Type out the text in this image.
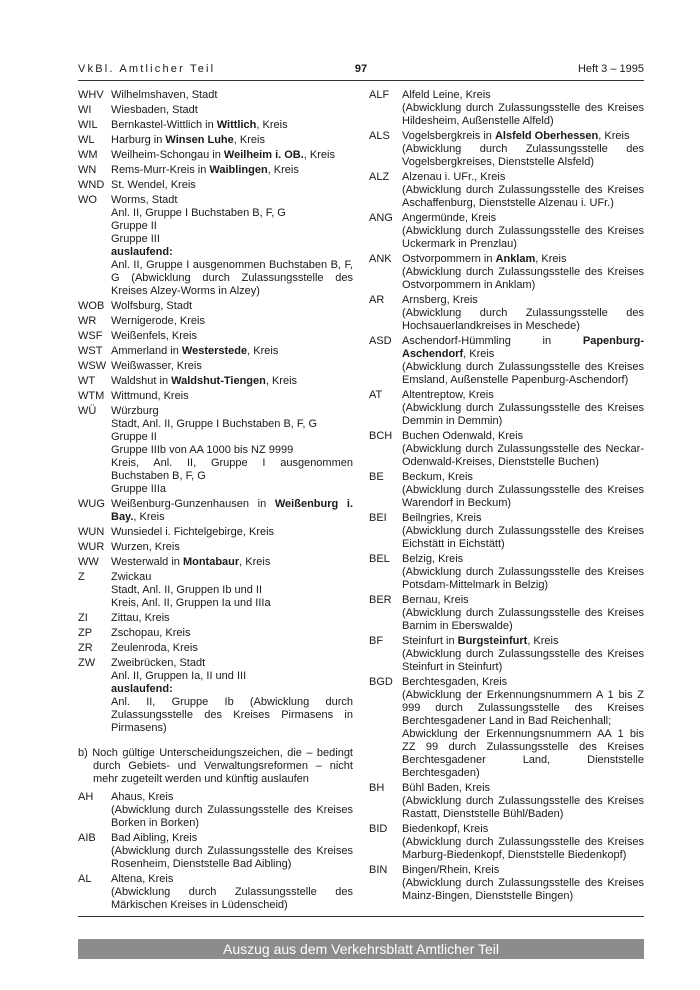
VkBl. Amtlicher Teil	97	Heft 3 – 1995
WHV Wilhelmshaven, Stadt
WI Wiesbaden, Stadt
WIL Bernkastel-Wittlich in Wittlich, Kreis
WL Harburg in Winsen Luhe, Kreis
WM Weilheim-Schongau in Weilheim i. OB., Kreis
WN Rems-Murr-Kreis in Waiblingen, Kreis
WND St. Wendel, Kreis
WO Worms, Stadt
Anl. II, Gruppe I Buchstaben B, F, G
Gruppe II
Gruppe III
auslaufend:
Anl. II, Gruppe I ausgenommen Buchstaben B, F, G (Abwicklung durch Zulassungsstelle des Kreises Alzey-Worms in Alzey)
WOB Wolfsburg, Stadt
WR Wernigerode, Kreis
WSF Weißenfels, Kreis
WST Ammerland in Westerstede, Kreis
WSW Weißwasser, Kreis
WT Waldshut in Waldshut-Tiengen, Kreis
WTM Wittmund, Kreis
WÜ Würzburg
Stadt, Anl. II, Gruppe I Buchstaben B, F, G
Gruppe II
Gruppe IIIb von AA 1000 bis NZ 9999
Kreis, Anl. II, Gruppe I ausgenommen Buchstaben B, F, G
Gruppe IIIa
WUG Weißenburg-Gunzenhausen in Weißenburg i. Bay., Kreis
WUN Wunsiedel i. Fichtelgebirge, Kreis
WUR Wurzen, Kreis
WW Westerwald in Montabaur, Kreis
Z Zwickau
Stadt, Anl. II, Gruppen Ib und II
Kreis, Anl. II, Gruppen Ia und IIIa
ZI Zittau, Kreis
ZP Zschopau, Kreis
ZR Zeulenroda, Kreis
ZW Zweibrücken, Stadt
Anl. II, Gruppen Ia, II und III
auslaufend:
Anl. II, Gruppe Ib (Abwicklung durch Zulassungsstelle des Kreises Pirmasens in Pirmasens)
b) Noch gültige Unterscheidungszeichen, die – bedingt durch Gebiets- und Verwaltungsreformen – nicht mehr zugeteilt werden und künftig auslaufen
AH Ahaus, Kreis
(Abwicklung durch Zulassungsstelle des Kreises Borken in Borken)
AIB Bad Aibling, Kreis
(Abwicklung durch Zulassungsstelle des Kreises Rosenheim, Dienststelle Bad Aibling)
AL Altena, Kreis
(Abwicklung durch Zulassungsstelle des Märkischen Kreises in Lüdenscheid)
ALF Alfeld Leine, Kreis
(Abwicklung durch Zulassungsstelle des Kreises Hildesheim, Außenstelle Alfeld)
ALS Vogelsbergkreis in Alsfeld Oberhessen, Kreis
(Abwicklung durch Zulassungsstelle des Vogelsbergkreises, Dienststelle Alsfeld)
ALZ Alzenau i. UFr., Kreis
(Abwicklung durch Zulassungsstelle des Kreises Aschaffenburg, Dienststelle Alzenau i. UFr.)
ANG Angermünde, Kreis
(Abwicklung durch Zulassungsstelle des Kreises Uckermark in Prenzlau)
ANK Ostvorpommern in Anklam, Kreis
(Abwicklung durch Zulassungsstelle des Kreises Ostvorpommern in Anklam)
AR Arnsberg, Kreis
(Abwicklung durch Zulassungsstelle des Hochsauerlandkreises in Meschede)
ASD Aschendorf-Hümmling in Papenburg-Aschendorf, Kreis
(Abwicklung durch Zulassungsstelle des Kreises Emsland, Außenstelle Papenburg-Aschendorf)
AT Altentreptow, Kreis
(Abwicklung durch Zulassungsstelle des Kreises Demmin in Demmin)
BCH Buchen Odenwald, Kreis
(Abwicklung durch Zulassungsstelle des Neckar-Odenwald-Kreises, Dienststelle Buchen)
BE Beckum, Kreis
(Abwicklung durch Zulassungsstelle des Kreises Warendorf in Beckum)
BEI Beilngries, Kreis
(Abwicklung durch Zulassungsstelle des Kreises Eichstätt in Eichstätt)
BEL Belzig, Kreis
(Abwicklung durch Zulassungsstelle des Kreises Potsdam-Mittelmark in Belzig)
BER Bernau, Kreis
(Abwicklung durch Zulassungsstelle des Kreises Barnim in Eberswalde)
BF Steinfurt in Burgsteinfurt, Kreis
(Abwicklung durch Zulassungsstelle des Kreises Steinfurt in Steinfurt)
BGD Berchtesgaden, Kreis
(Abwicklung der Erkennungsnummern A 1 bis Z 999 durch Zulassungsstelle des Kreises Berchtesgadener Land in Bad Reichenhall;
Abwicklung der Erkennungsnummern AA 1 bis ZZ 99 durch Zulassungsstelle des Kreises Berchtesgadener Land, Dienststelle Berchtesgaden)
BH Bühl Baden, Kreis
(Abwicklung durch Zulassungsstelle des Kreises Rastatt, Dienststelle Bühl/Baden)
BID Biedenkopf, Kreis
(Abwicklung durch Zulassungsstelle des Kreises Marburg-Biedenkopf, Dienststelle Biedenkopf)
BIN Bingen/Rhein, Kreis
(Abwicklung durch Zulassungsstelle des Kreises Mainz-Bingen, Dienststelle Bingen)
Auszug aus dem Verkehrsblatt Amtlicher Teil
